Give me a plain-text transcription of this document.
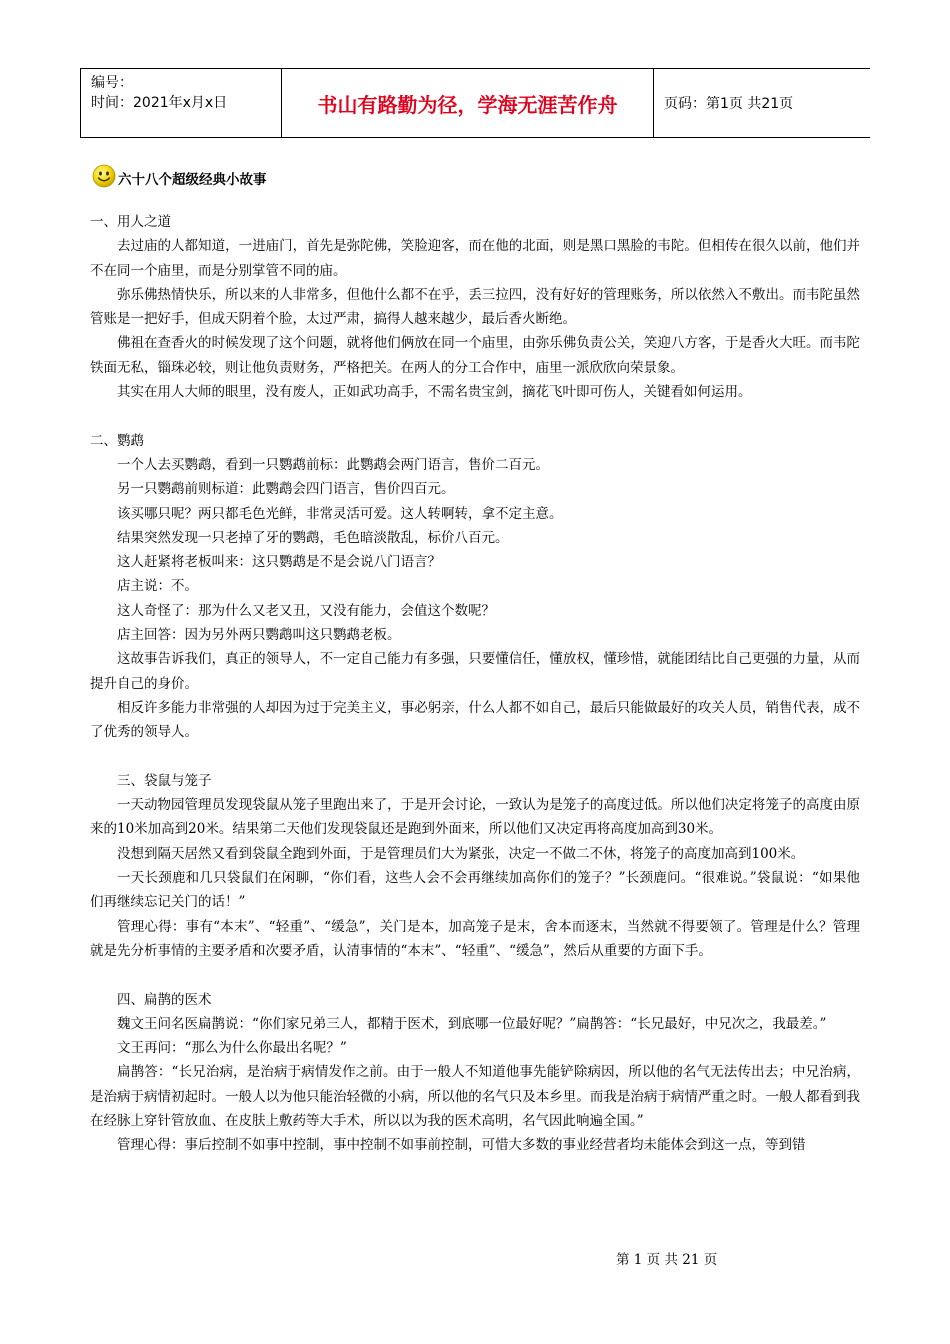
编号：
时间：2021年x月x日	书山有路勤为径，学海无涯苦作舟	页码：第1页 共21页
六十八个超级经典小故事

一、用人之道

去过庙的人都知道，一进庙门，首先是弥陀佛，笑脸迎客，而在他的北面，则是黑口黑脸的韦陀。但相传在很久以前，他们并不在同一个庙里，而是分别掌管不同的庙。

弥乐佛热情快乐，所以来的人非常多，但他什么都不在乎，丢三拉四，没有好好的管理账务，所以依然入不敷出。而韦陀虽然管账是一把好手，但成天阴着个脸，太过严肃，搞得人越来越少，最后香火断绝。

佛祖在查香火的时候发现了这个问题，就将他们俩放在同一个庙里，由弥乐佛负责公关，笑迎八方客，于是香火大旺。而韦陀铁面无私，锱珠必较，则让他负责财务，严格把关。在两人的分工合作中，庙里一派欣欣向荣景象。

其实在用人大师的眼里，没有废人，正如武功高手，不需名贵宝剑，摘花飞叶即可伤人，关键看如何运用。

二、鹦鹉

一个人去买鹦鹉，看到一只鹦鹉前标：此鹦鹉会两门语言，售价二百元。

另一只鹦鹉前则标道：此鹦鹉会四门语言，售价四百元。

该买哪只呢？两只都毛色光鲜，非常灵活可爱。这人转啊转，拿不定主意。

结果突然发现一只老掉了牙的鹦鹉，毛色暗淡散乱，标价八百元。

这人赶紧将老板叫来：这只鹦鹉是不是会说八门语言？

店主说：不。

这人奇怪了：那为什么又老又丑，又没有能力，会值这个数呢？

店主回答：因为另外两只鹦鹉叫这只鹦鹉老板。

这故事告诉我们，真正的领导人，不一定自己能力有多强，只要懂信任，懂放权，懂珍惜，就能团结比自己更强的力量，从而提升自己的身价。

相反许多能力非常强的人却因为过于完美主义，事必躬亲，什么人都不如自己，最后只能做最好的攻关人员，销售代表，成不了优秀的领导人。

三、袋鼠与笼子

一天动物园管理员发现袋鼠从笼子里跑出来了，于是开会讨论，一致认为是笼子的高度过低。所以他们决定将笼子的高度由原来的10米加高到20米。结果第二天他们发现袋鼠还是跑到外面来，所以他们又决定再将高度加高到30米。

没想到隔天居然又看到袋鼠全跑到外面，于是管理员们大为紧张，决定一不做二不休，将笼子的高度加高到100米。

一天长颈鹿和几只袋鼠们在闲聊，“你们看，这些人会不会再继续加高你们的笼子？”长颈鹿问。“很难说。”袋鼠说：“如果他们再继续忘记关门的话！”

管理心得：事有“本末”、“轻重”、“缓急”，关门是本，加高笼子是末，舍本而逐末，当然就不得要领了。管理是什么？管理就是先分析事情的主要矛盾和次要矛盾，认清事情的“本末”、“轻重”、“缓急”，然后从重要的方面下手。

四、扁鹊的医术

魏文王问名医扁鹊说：“你们家兄弟三人，都精于医术，到底哪一位最好呢？”扁鹊答：“长兄最好，中兄次之，我最差。”

文王再问：“那么为什么你最出名呢？”

扁鹊答：“长兄治病，是治病于病情发作之前。由于一般人不知道他事先能铲除病因，所以他的名气无法传出去；中兄治病，是治病于病情初起时。一般人以为他只能治轻微的小病，所以他的名气只及本乡里。而我是治病于病情严重之时。一般人都看到我在经脉上穿针管放血、在皮肤上敷药等大手术，所以以为我的医术高明，名气因此响遍全国。”

管理心得：事后控制不如事中控制，事中控制不如事前控制，可惜大多数的事业经营者均未能体会到这一点，等到错

第 1 页 共 21 页
